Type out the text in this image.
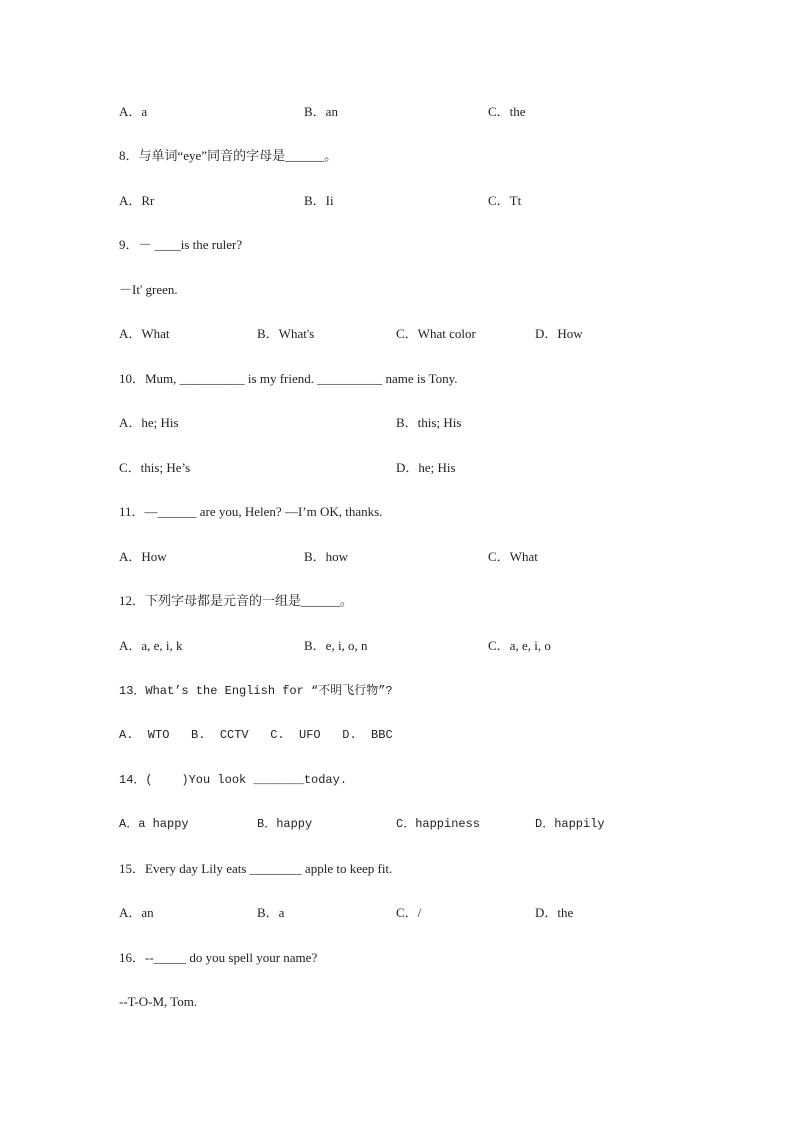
A．a	B．an	C．the
8．与单词“eye”同音的字母是______。
A．Rr	B．Ii	C．Tt
9．－ ____is the ruler?
－It' green.
A．What	B．What's	C．What color	D．How
10．Mum, __________ is my friend. __________ name is Tony.
A．he; His	B．this; His
C．this; He’s	D．he; His
11．—______ are you, Helen? —I’m OK, thanks.
A．How	B．how	C．What
12．下列字母都是元音的一组是______。
A．a, e, i, k	B．e, i, o, n	C．a, e, i, o
13．What’s the English for “不明飞行物”?
A.  WTO   B.  CCTV   C.  UFO   D.  BBC
14．(    )You look _______today.
A．a happy	B．happy	C．happiness	D．happily
15．Every day Lily eats ________ apple to keep fit.
A．an	B．a	C．/	D．the
16．--_____ do you spell your name?
--T-O-M, Tom.
